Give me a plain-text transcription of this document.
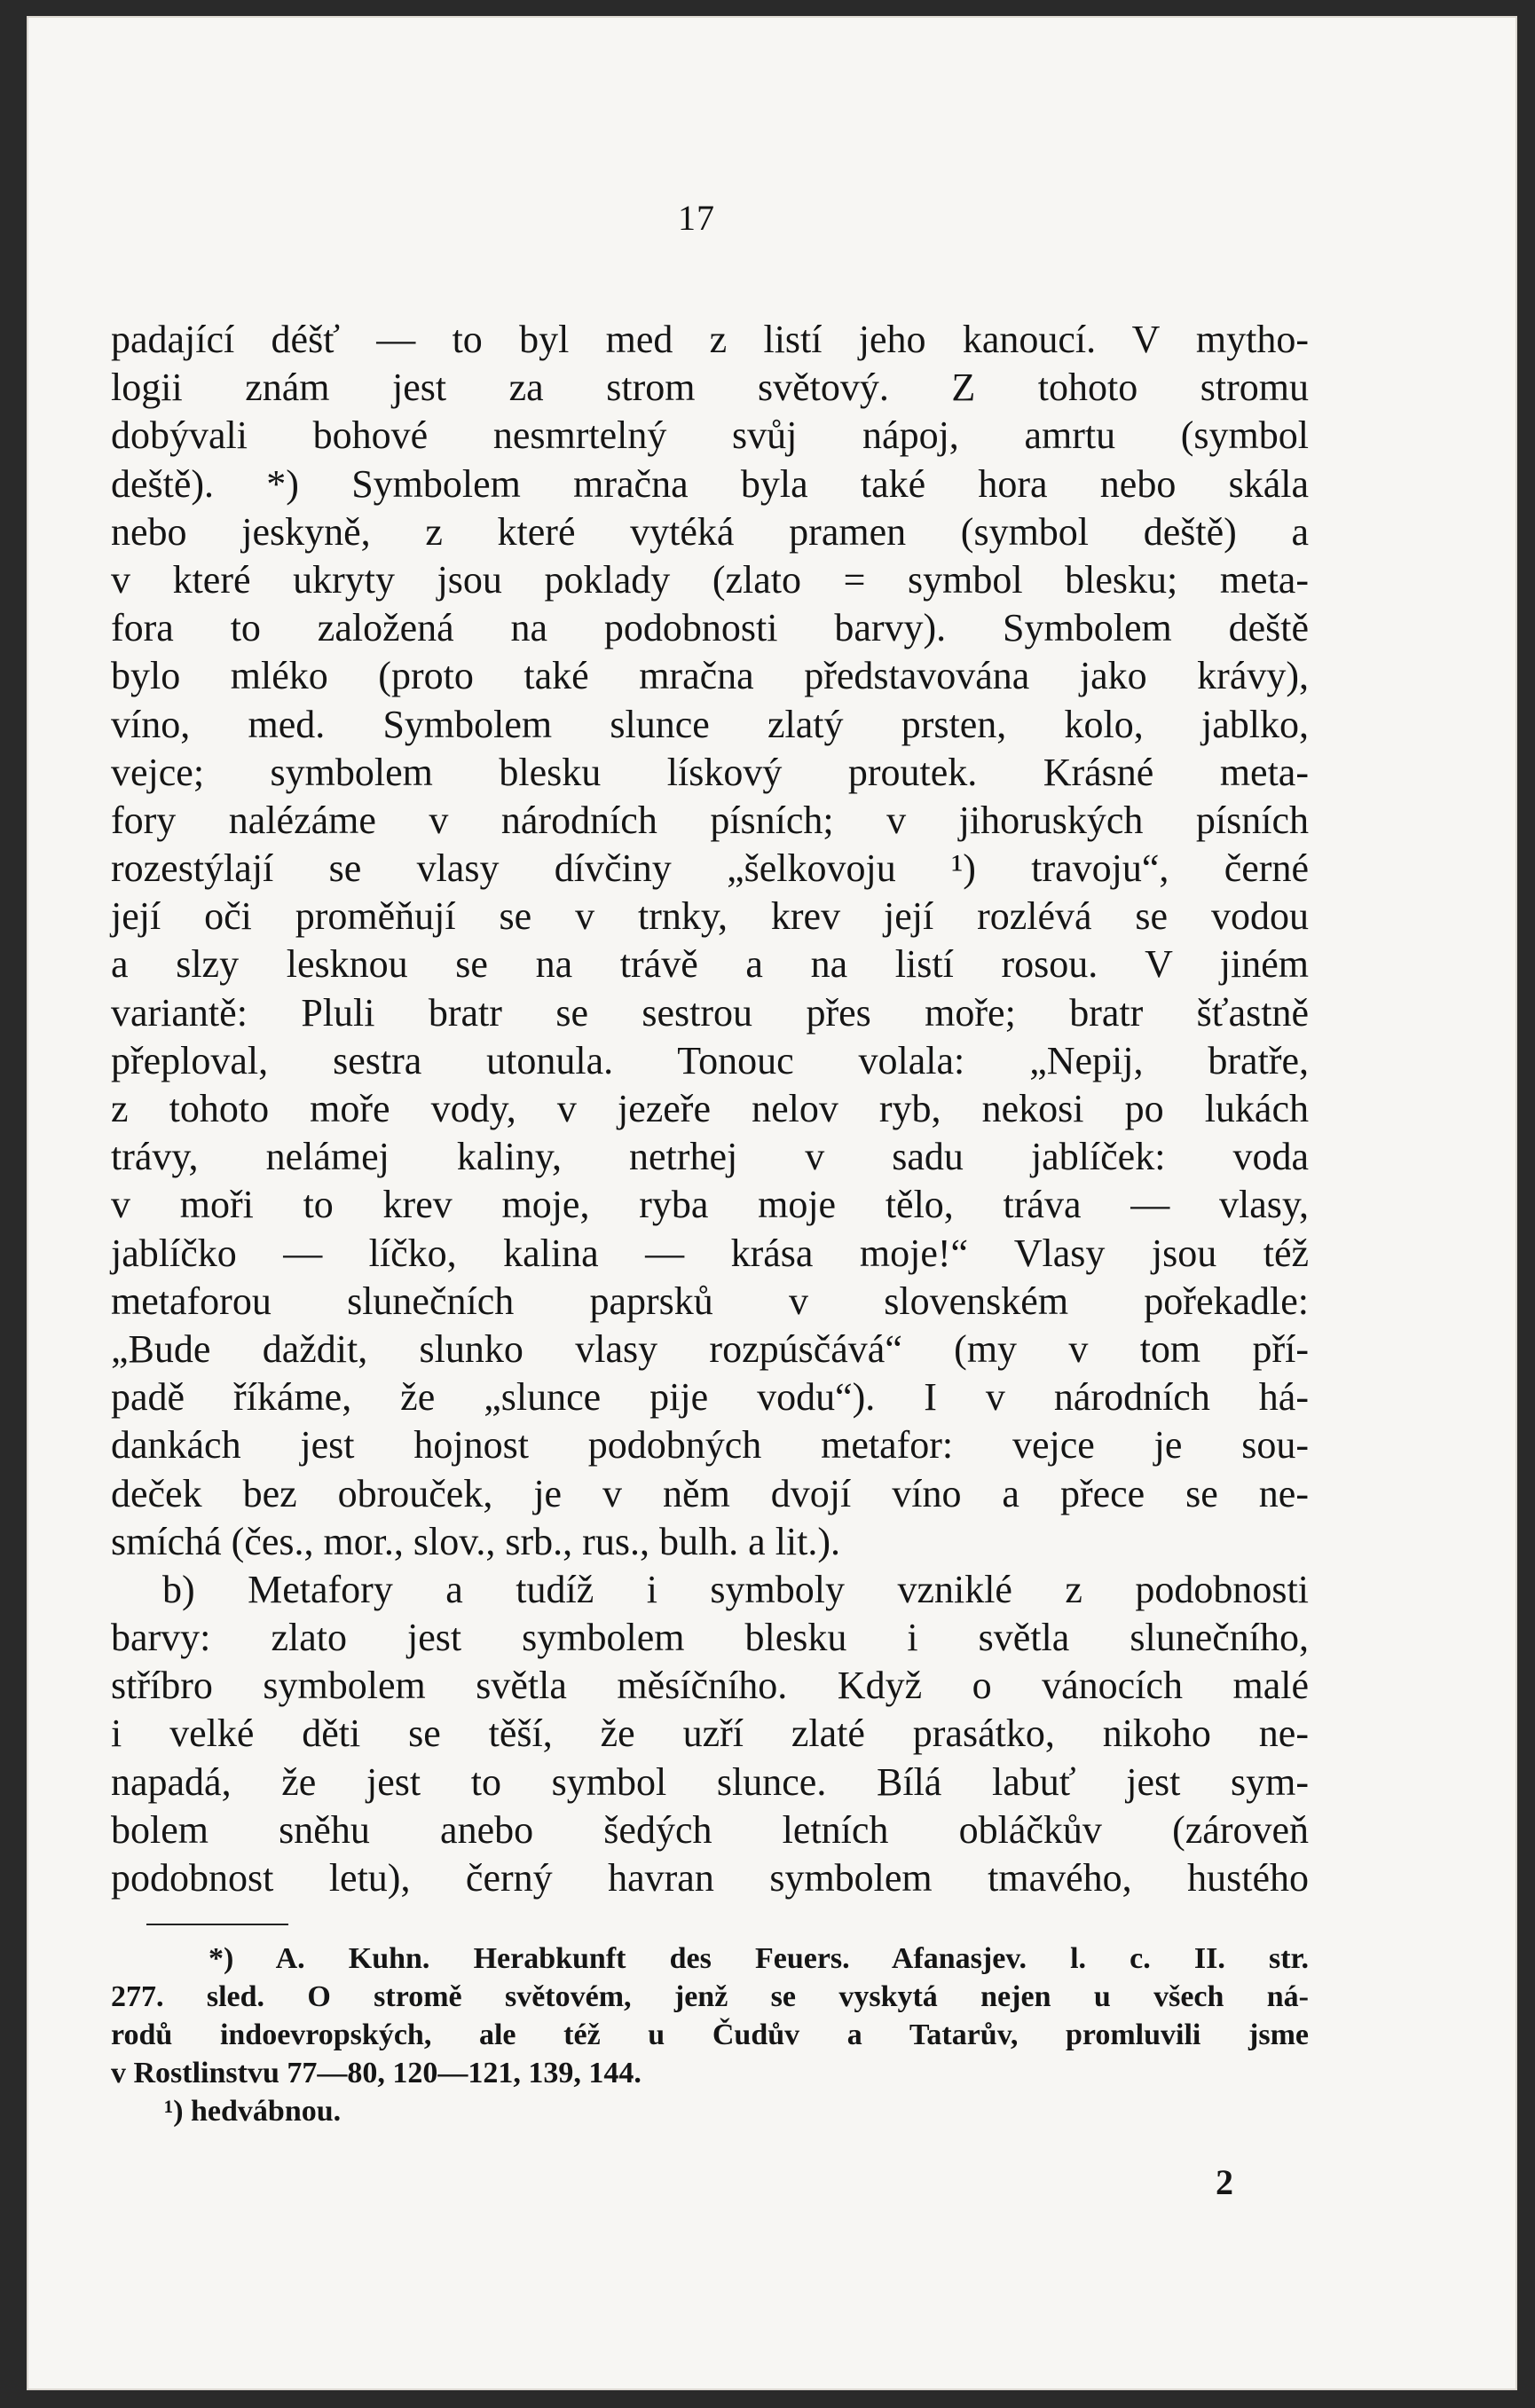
17
padající déšť — to byl med z listí jeho kanoucí. V mytho-
logii znám jest za strom světový. Z tohoto stromu
dobývali bohové nesmrtelný svůj nápoj, amrtu (symbol
deště). *) Symbolem mračna byla také hora nebo skála
nebo jeskyně, z které vytéká pramen (symbol deště) a
v které ukryty jsou poklady (zlato = symbol blesku; meta-
fora to založená na podobnosti barvy). Symbolem deště
bylo mléko (proto také mračna představována jako krávy),
víno, med. Symbolem slunce zlatý prsten, kolo, jablko,
vejce; symbolem blesku lískový proutek. Krásné meta-
fory nalézáme v národních písních; v jihoruských písních
rozestýlají se vlasy dívčiny „šelkovoju ¹) travoju“, černé
její oči proměňují se v trnky, krev její rozlévá se vodou
a slzy lesknou se na trávě a na listí rosou. V jiném
variantě: Pluli bratr se sestrou přes moře; bratr šťastně
přeploval, sestra utonula. Tonouc volala: „Nepij, bratře,
z tohoto moře vody, v jezeře nelov ryb, nekosi po lukách
trávy, nelámej kaliny, netrhej v sadu jablíček: voda
v moři to krev moje, ryba moje tělo, tráva — vlasy,
jablíčko — líčko, kalina — krása moje!“ Vlasy jsou též
metaforou slunečních paprsků v slovenském pořekadle:
„Bude daždit, slunko vlasy rozpúsčává“ (my v tom pří-
padě říkáme, že „slunce pije vodu“). I v národních há-
dankách jest hojnost podobných metafor: vejce je sou-
deček bez obrouček, je v něm dvojí víno a přece se ne-
smíchá (čes., mor., slov., srb., rus., bulh. a lit.).
b) Metafory a tudíž i symboly vzniklé z podobnosti
barvy: zlato jest symbolem blesku i světla slunečního,
stříbro symbolem světla měsíčního. Když o vánocích malé
i velké děti se těší, že uzří zlaté prasátko, nikoho ne-
napadá, že jest to symbol slunce. Bílá labuť jest sym-
bolem sněhu anebo šedých letních obláčkův (zároveň
podobnost letu), černý havran symbolem tmavého, hustého
*) A. Kuhn. Herabkunft des Feuers. Afanasjev. l. c. II. str.
277. sled. O stromě světovém, jenž se vyskytá nejen u všech ná-
rodů indoevropských, ale též u Čudův a Tatarův, promluvili jsme
v Rostlinstvu 77—80, 120—121, 139, 144.
¹) hedvábnou.
2
